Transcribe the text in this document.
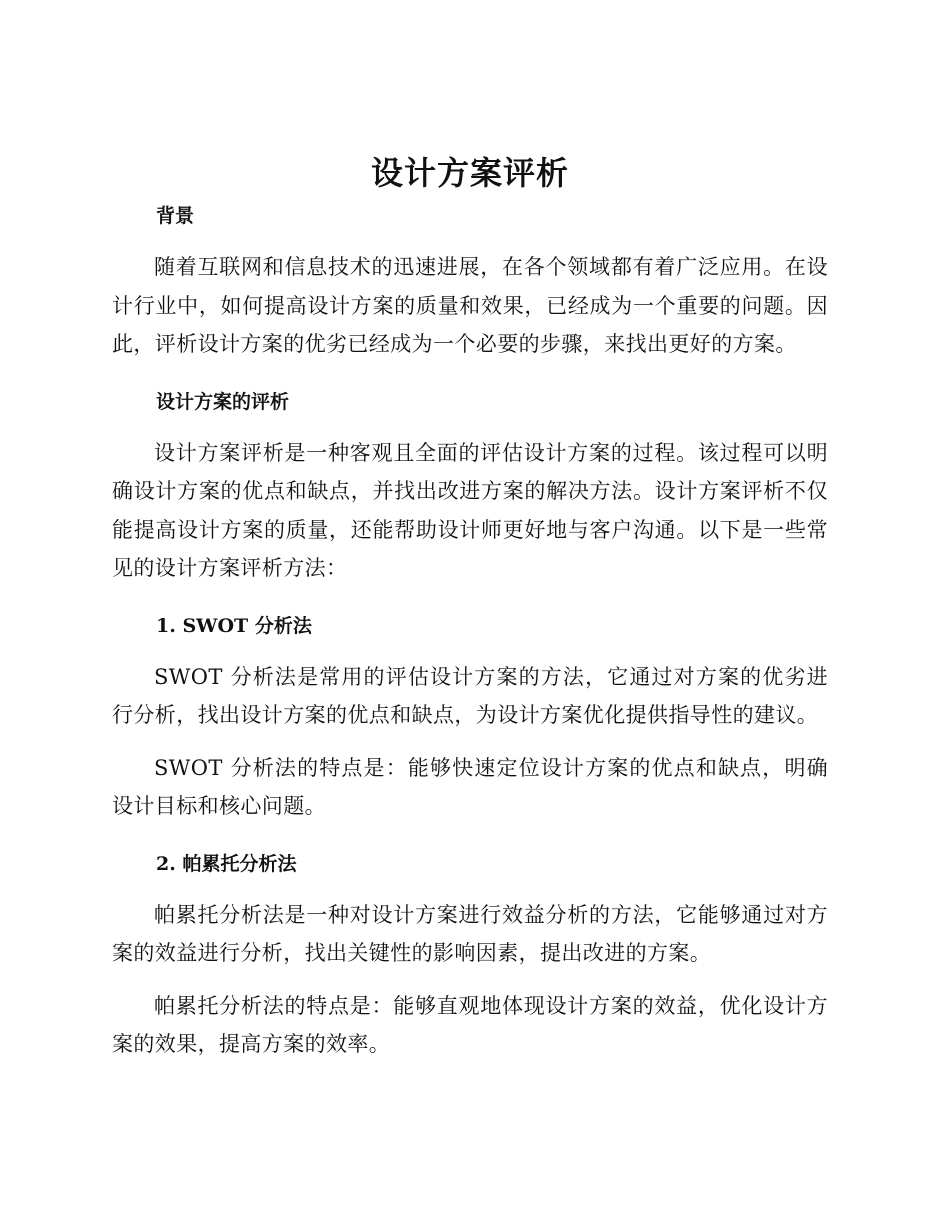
设计方案评析
背景

随着互联网和信息技术的迅速进展，在各个领域都有着广泛应用。在设计行业中，如何提高设计方案的质量和效果，已经成为一个重要的问题。因此，评析设计方案的优劣已经成为一个必要的步骤，来找出更好的方案。

设计方案的评析

设计方案评析是一种客观且全面的评估设计方案的过程。该过程可以明确设计方案的优点和缺点，并找出改进方案的解决方法。设计方案评析不仅能提高设计方案的质量，还能帮助设计师更好地与客户沟通。以下是一些常见的设计方案评析方法：

1. SWOT 分析法

SWOT 分析法是常用的评估设计方案的方法，它通过对方案的优劣进行分析，找出设计方案的优点和缺点，为设计方案优化提供指导性的建议。

SWOT 分析法的特点是：能够快速定位设计方案的优点和缺点，明确设计目标和核心问题。

2. 帕累托分析法

帕累托分析法是一种对设计方案进行效益分析的方法，它能够通过对方案的效益进行分析，找出关键性的影响因素，提出改进的方案。

帕累托分析法的特点是：能够直观地体现设计方案的效益，优化设计方案的效果，提高方案的效率。
